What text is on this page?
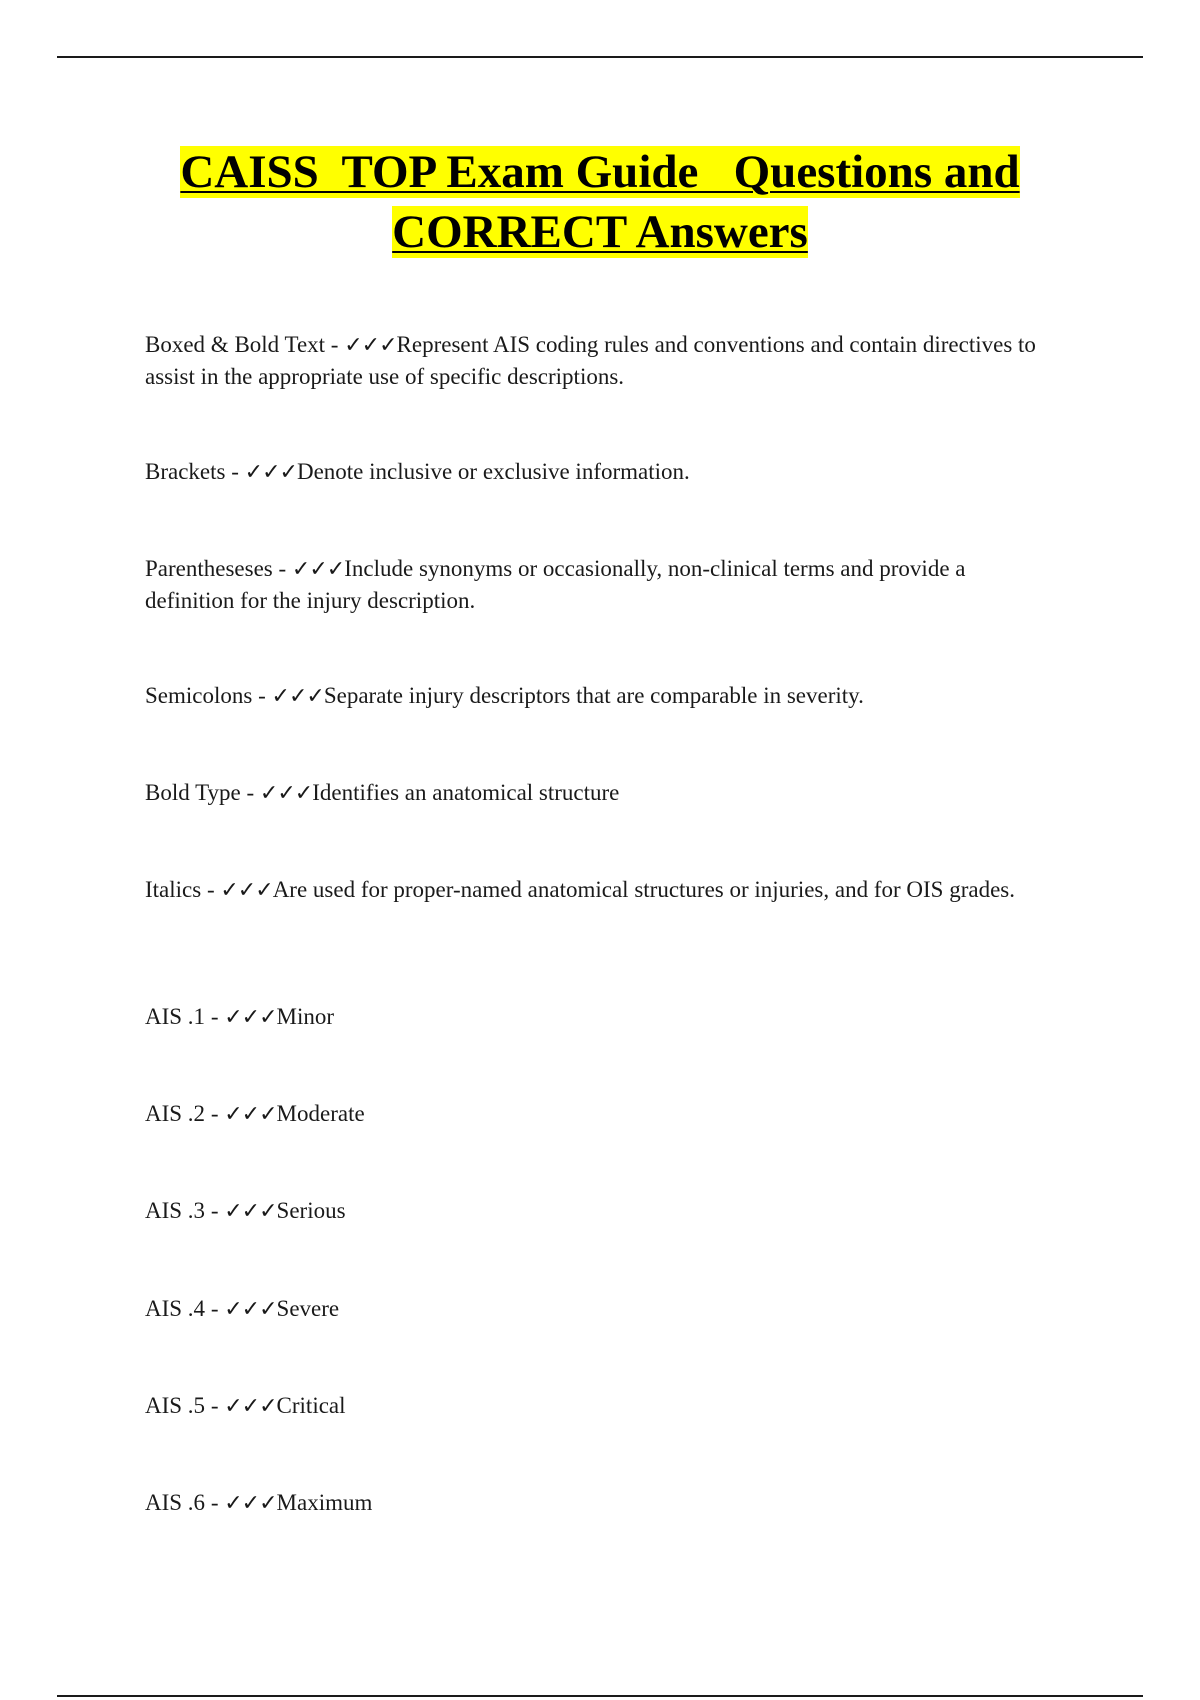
CAISS  TOP Exam Guide   Questions and
CORRECT Answers
Boxed & Bold Text - ✓✓✓Represent AIS coding rules and conventions and contain directives to assist in the appropriate use of specific descriptions.
Brackets - ✓✓✓Denote inclusive or exclusive information.
Parentheseses - ✓✓✓Include synonyms or occasionally, non-clinical terms and provide a definition for the injury description.
Semicolons - ✓✓✓Separate injury descriptors that are comparable in severity.
Bold Type - ✓✓✓Identifies an anatomical structure
Italics - ✓✓✓Are used for proper-named anatomical structures or injuries, and for OIS grades.
AIS .1 - ✓✓✓Minor
AIS .2 - ✓✓✓Moderate
AIS .3 - ✓✓✓Serious
AIS .4 - ✓✓✓Severe
AIS .5 - ✓✓✓Critical
AIS .6 - ✓✓✓Maximum
